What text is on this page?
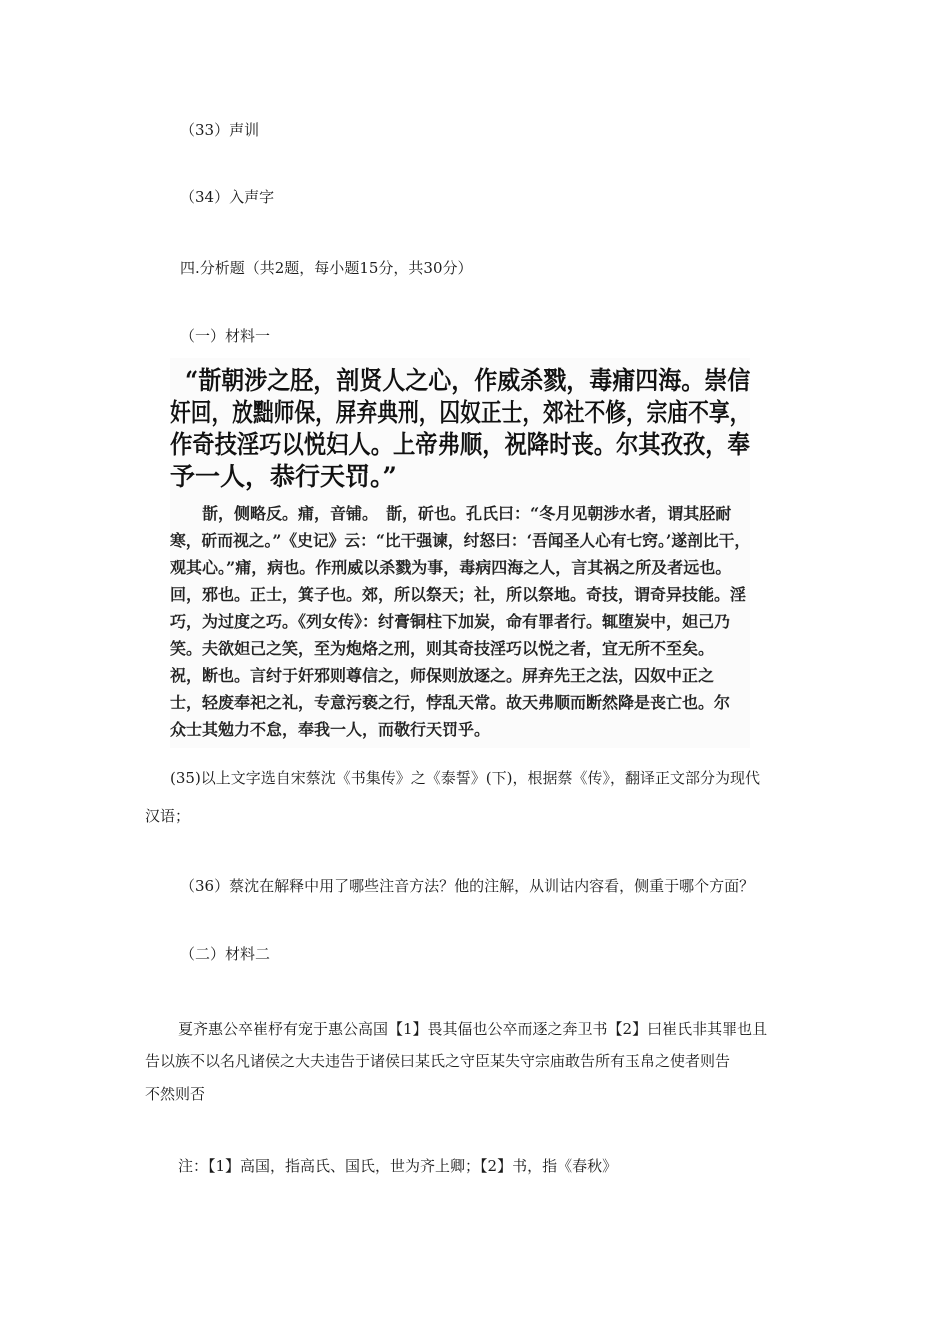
（33）声训

（34）入声字

四.分析题（共2题，每小题15分，共30分）

（一）材料一

“斮朝涉之胫，剖贤人之心，作威杀戮，毒痡四海。崇信

奸回，放黜师保，屏弃典刑，囚奴正士，郊社不修，宗庙不享，

作奇技淫巧以悦妇人。上帝弗顺，祝降时丧。尔其孜孜，奉

予一人，恭行天罚。”

斮，侧略反。痡，音铺。　斮，斫也。孔氏曰：“冬月见朝涉水者，谓其胫耐

寒，斫而视之。”《史记》云：“比干强谏，纣怒曰：‘吾闻圣人心有七窍。’遂剖比干，

观其心。”痡，病也。作刑威以杀戮为事，毒病四海之人，言其祸之所及者远也。

回，邪也。正士，箕子也。郊，所以祭天；社，所以祭地。奇技，谓奇异技能。淫

巧，为过度之巧。《列女传》：纣膏铜柱下加炭，命有罪者行。辄堕炭中，妲己乃

笑。夫欲妲己之笑，至为炮烙之刑，则其奇技淫巧以悦之者，宜无所不至矣。

祝，断也。言纣于奸邪则尊信之，师保则放逐之。屏弃先王之法，囚奴中正之

士，轻废奉祀之礼，专意污亵之行，悖乱天常。故天弗顺而断然降是丧亡也。尔

众士其勉力不怠，奉我一人，而敬行天罚乎。

(35)以上文字选自宋蔡沈《书集传》之《泰誓》(下)，根据蔡《传》，翻译正文部分为现代

汉语；

（36）蔡沈在解释中用了哪些注音方法？他的注解，从训诂内容看，侧重于哪个方面？

（二）材料二

夏齐惠公卒崔杼有宠于惠公高国【1】畏其偪也公卒而逐之奔卫书【2】曰崔氏非其罪也且

告以族不以名凡诸侯之大夫违告于诸侯曰某氏之守臣某失守宗庙敢告所有玉帛之使者则告

不然则否

注：【1】高国，指高氏、国氏，世为齐上卿；【2】书，指《春秋》
